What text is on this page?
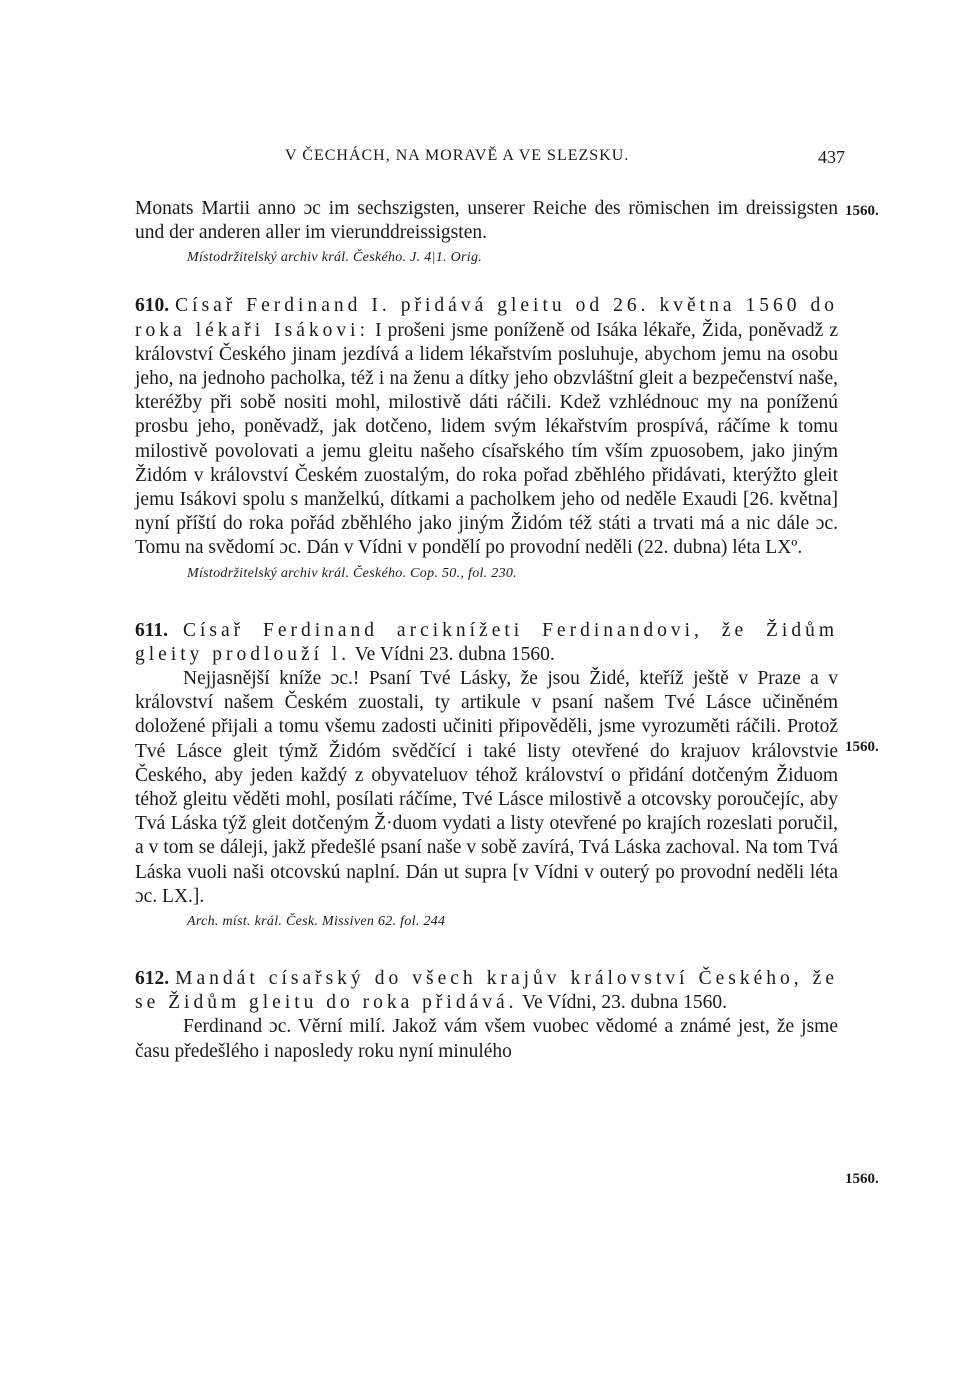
V ČECHÁCH, NA MORAVĚ A VE SLEZSKU.	437
1560.
1560.
1560.

Monats Martii anno ɔc im sechszigsten, unserer Reiche des römischen im dreissigsten und der anderen aller im vierunddreissigsten.

Místodržitelský archiv král. Českého. J. 4|1. Orig.

610. Císař Ferdinand I. přidává gleitu od 26. května 1560 do roka lékaři Isákovi: I prošeni jsme poníženě od Isáka lékaře, Žida, poněvadž z království Českého jinam jezdívá a lidem lékařstvím posluhuje, abychom jemu na osobu jeho, na jednoho pacholka, též i na ženu a dítky jeho obzvláštní gleit a bezpečenství naše, kteréžby při sobě nositi mohl, milostivě dáti ráčili. Kdež vzhlédnouc my na poníženú prosbu jeho, poněvadž, jak dotčeno, lidem svým lékařstvím prospívá, ráčíme k tomu milostivě povolovati a jemu gleitu našeho císařského tím vším zpuosobem, jako jiným Židóm v království Českém zuostalým, do roka pořad zběhlého přidávati, kterýžto gleit jemu Isákovi spolu s manželkú, dítkami a pacholkem jeho od neděle Exaudi [26. května] nyní příští do roka pořád zběhlého jako jiným Židóm též státi a trvati má a nic dále ɔc. Tomu na svědomí ɔc. Dán v Vídni v pondělí po provodní neděli (22. dubna) léta LXº.

Místodržitelský archiv král. Českého. Cop. 50., fol. 230.

611. Císař Ferdinand arciknížeti Ferdinandovi, že Židům gleity prodlouží l. Ve Vídni 23. dubna 1560.

Nejjasnější kníže ɔc.! Psaní Tvé Lásky, že jsou Židé, kteříž ještě v Praze a v království našem Českém zuostali, ty artikule v psaní našem Tvé Lásce učiněném doložené přijali a tomu všemu zadosti učiniti připověděli, jsme vyrozuměti ráčili. Protož Tvé Lásce gleit týmž Židóm svědčící i také listy otevřené do krajuov královstvie Českého, aby jeden každý z obyvateluov téhož království o přidání dotčeným Židuom téhož gleitu věděti mohl, posílati ráčíme, Tvé Lásce milostivě a otcovsky poroučejíc, aby Tvá Láska týž gleit dotčeným Ž·duom vydati a listy otevřené po krajích rozeslati poručil, a v tom se dáleji, jakž předešlé psaní naše v sobě zavírá, Tvá Láska zachoval. Na tom Tvá Láska vuoli naši otcovskú naplní. Dán ut supra [v Vídni v outerý po provodní neděli léta ɔc. LX.].

Arch. míst. král. Česk. Missiven 62. fol. 244

612. Mandát císařský do všech krajův království Českého, že se Židům gleitu do roka přidává. Ve Vídni, 23. dubna 1560.

Ferdinand ɔc. Věrní milí. Jakož vám všem vuobec vědomé a známé jest, že jsme času předešlého i naposledy roku nyní minulého
